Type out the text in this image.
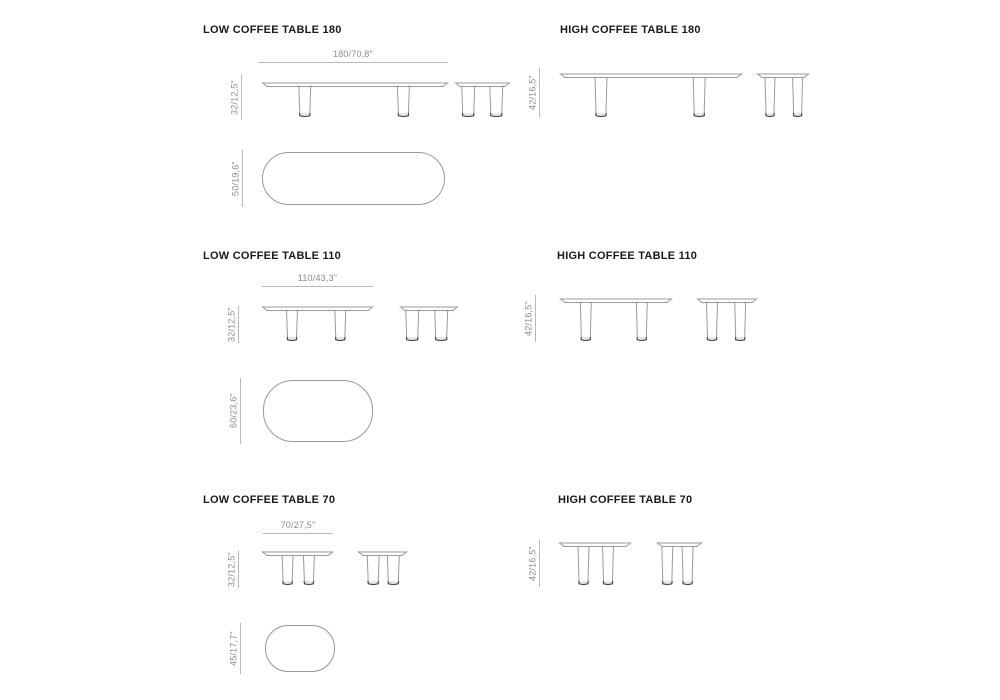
LOW COFFEE TABLE 180
180/70,8"
32/12,5"
50/19,6"
HIGH COFFEE TABLE 180
42/16,5"
LOW COFFEE TABLE 110
110/43,3"
32/12,5"
60/23,6"
HIGH COFFEE TABLE 110
42/16,5"
LOW COFFEE TABLE 70
70/27,5"
32/12,5"
45/17,7"
HIGH COFFEE TABLE 70
42/16,5"
